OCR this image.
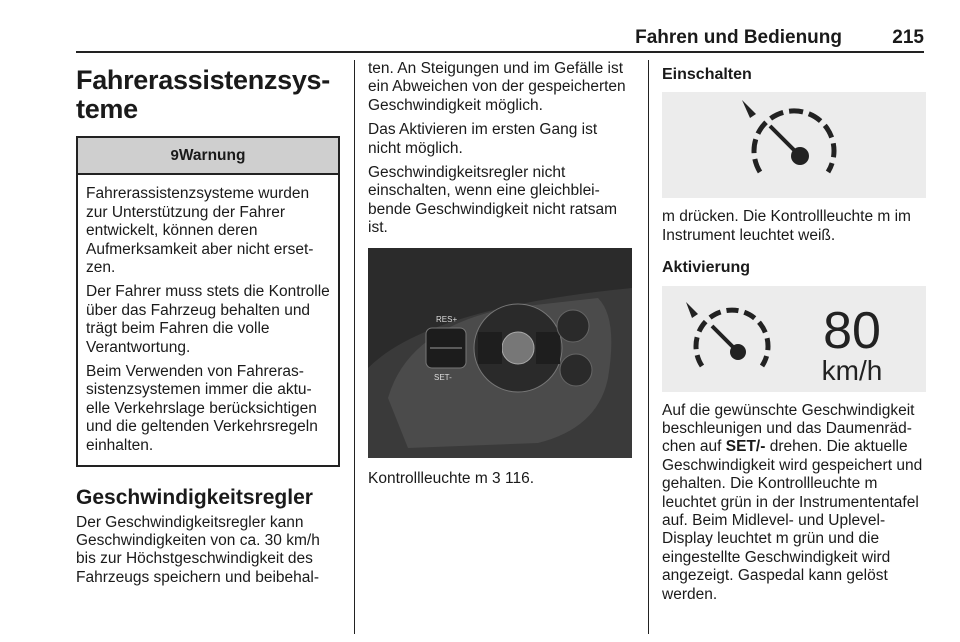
Fahren und Bedienung	215
Fahrerassistenzsys-
teme
9Warnung

Fahrerassistenzsysteme wurden zur Unterstützung der Fahrer entwickelt, können deren Aufmerksamkeit aber nicht erset-zen.

Der Fahrer muss stets die Kontrolle über das Fahrzeug behalten und trägt beim Fahren die volle Verantwortung.

Beim Verwenden von Fahreras-sistenzsystemen immer die aktu-elle Verkehrslage berücksichtigen und die geltenden Verkehrsregeln einhalten.

Geschwindigkeitsregler

Der Geschwindigkeitsregler kann Geschwindigkeiten von ca. 30 km/h bis zur Höchstgeschwindigkeit des Fahrzeugs speichern und beibehal-

ten. An Steigungen und im Gefälle ist ein Abweichen von der gespeicherten Geschwindigkeit möglich.

Das Aktivieren im ersten Gang ist nicht möglich.

Geschwindigkeitsregler nicht einschalten, wenn eine gleichblei-bende Geschwindigkeit nicht ratsam ist.

RES+
SET-

Kontrollleuchte m 3 116.

Einschalten

m drücken. Die Kontrollleuchte m im Instrument leuchtet weiß.

Aktivierung
80
km/h

Auf die gewünschte Geschwindigkeit beschleunigen und das Daumenräd-chen auf SET/- drehen. Die aktuelle Geschwindigkeit wird gespeichert und gehalten. Die Kontrollleuchte m leuchtet grün in der Instrumententafel auf. Beim Midlevel- und Uplevel-Display leuchtet m grün und die eingestellte Geschwindigkeit wird angezeigt. Gaspedal kann gelöst werden.
